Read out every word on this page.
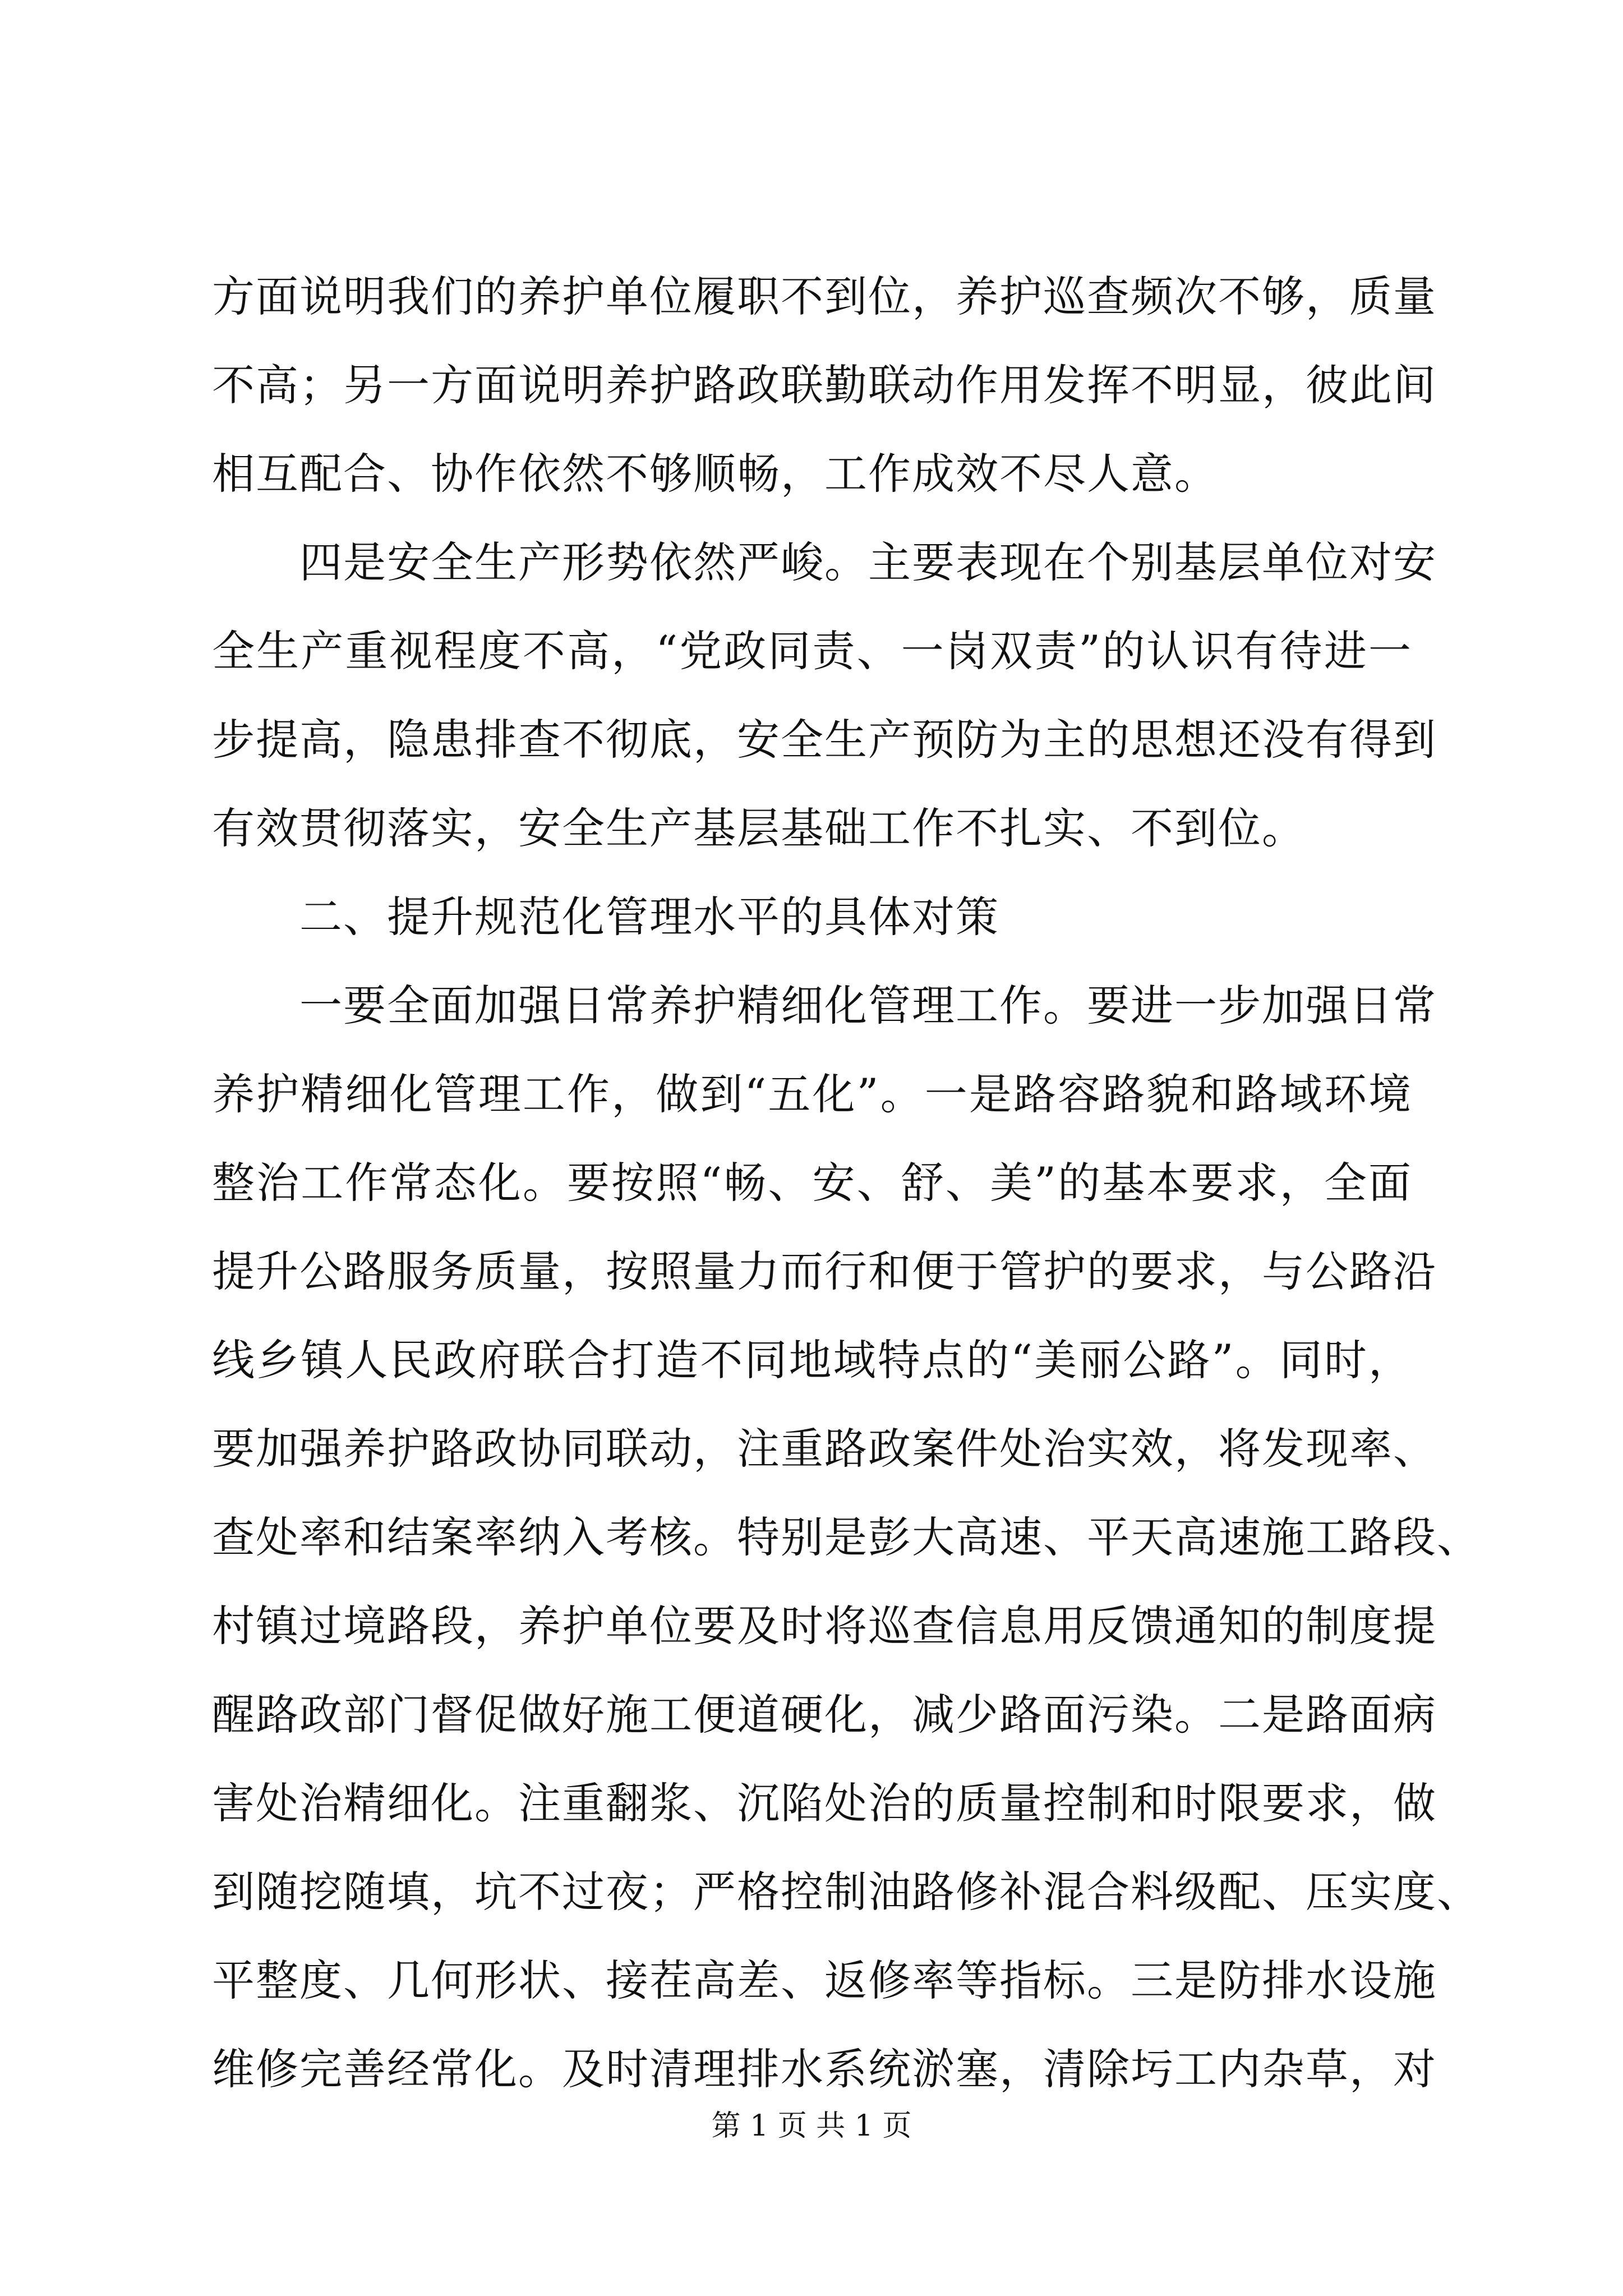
方面说明我们的养护单位履职不到位，养护巡查频次不够，质量
不高；另一方面说明养护路政联勤联动作用发挥不明显，彼此间
相互配合、协作依然不够顺畅，工作成效不尽人意。
四是安全生产形势依然严峻。主要表现在个别基层单位对安
全生产重视程度不高，“党政同责、一岗双责”的认识有待进一
步提高，隐患排查不彻底，安全生产预防为主的思想还没有得到
有效贯彻落实，安全生产基层基础工作不扎实、不到位。
二、提升规范化管理水平的具体对策
一要全面加强日常养护精细化管理工作。要进一步加强日常
养护精细化管理工作，做到“五化”。一是路容路貌和路域环境
整治工作常态化。要按照“畅、安、舒、美”的基本要求，全面
提升公路服务质量，按照量力而行和便于管护的要求，与公路沿
线乡镇人民政府联合打造不同地域特点的“美丽公路”。同时，
要加强养护路政协同联动，注重路政案件处治实效，将发现率、
查处率和结案率纳入考核。特别是彭大高速、平天高速施工路段、
村镇过境路段，养护单位要及时将巡查信息用反馈通知的制度提
醒路政部门督促做好施工便道硬化，减少路面污染。二是路面病
害处治精细化。注重翻浆、沉陷处治的质量控制和时限要求，做
到随挖随填，坑不过夜；严格控制油路修补混合料级配、压实度、
平整度、几何形状、接茬高差、返修率等指标。三是防排水设施
维修完善经常化。及时清理排水系统淤塞，清除圬工内杂草，对
第 1 页 共 1 页
